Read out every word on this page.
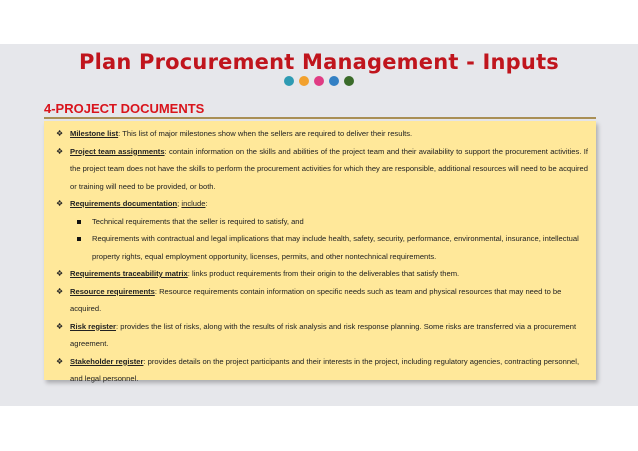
Plan Procurement Management - Inputs
4-PROJECT DOCUMENTS
❖ Milestone list: This list of major milestones show when the sellers are required to deliver their results.
❖ Project team assignments: contain information on the skills and abilities of the project team and their availability to support the procurement activities. If the project team does not have the skills to perform the procurement activities for which they are responsible, additional resources will need to be acquired or training will need to be provided, or both.
❖ Requirements documentation; include:
Technical requirements that the seller is required to satisfy, and
Requirements with contractual and legal implications that may include health, safety, security, performance, environmental, insurance, intellectual property rights, equal employment opportunity, licenses, permits, and other nontechnical requirements.
❖ Requirements traceability matrix: links product requirements from their origin to the deliverables that satisfy them.
❖ Resource requirements: Resource requirements contain information on specific needs such as team and physical resources that may need to be acquired.
❖ Risk register: provides the list of risks, along with the results of risk analysis and risk response planning. Some risks are transferred via a procurement agreement.
❖ Stakeholder register: provides details on the project participants and their interests in the project, including regulatory agencies, contracting personnel, and legal personnel.
